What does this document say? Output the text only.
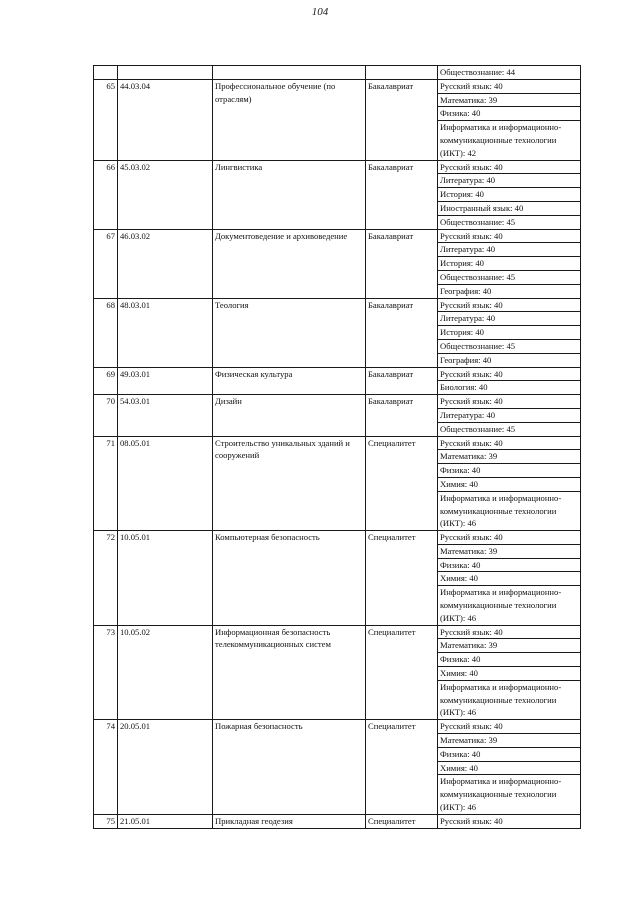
104
				Обществознание: 44
65	44.03.04	Профессиональное обучение (по отраслям)	Бакалавриат	Русский язык: 40
				Математика: 39
				Физика: 40
				Информатика и информационно-коммуникационные технологии (ИКТ): 42
66	45.03.02	Лингвистика	Бакалавриат	Русский язык: 40
				Литература: 40
				История: 40
				Иностранный язык: 40
				Обществознание: 45
67	46.03.02	Документоведение и архивоведение	Бакалавриат	Русский язык: 40
				Литература: 40
				История: 40
				Обществознание: 45
				География: 40
68	48.03.01	Теология	Бакалавриат	Русский язык: 40
				Литература: 40
				История: 40
				Обществознание: 45
				География: 40
69	49.03.01	Физическая культура	Бакалавриат	Русский язык: 40
				Биология: 40
70	54.03.01	Дизайн	Бакалавриат	Русский язык: 40
				Литература: 40
				Обществознание: 45
71	08.05.01	Строительство уникальных зданий и сооружений	Специалитет	Русский язык: 40
				Математика: 39
				Физика: 40
				Химия: 40
				Информатика и информационно-коммуникационные технологии (ИКТ): 46
72	10.05.01	Компьютерная безопасность	Специалитет	Русский язык: 40
				Математика: 39
				Физика: 40
				Химия: 40
				Информатика и информационно-коммуникационные технологии (ИКТ): 46
73	10.05.02	Информационная безопасность телекоммуникационных систем	Специалитет	Русский язык: 40
				Математика: 39
				Физика: 40
				Химия: 40
				Информатика и информационно-коммуникационные технологии (ИКТ): 46
74	20.05.01	Пожарная безопасность	Специалитет	Русский язык: 40
				Математика: 39
				Физика: 40
				Химия: 40
				Информатика и информационно-коммуникационные технологии (ИКТ): 46
75	21.05.01	Прикладная геодезия	Специалитет	Русский язык: 40
